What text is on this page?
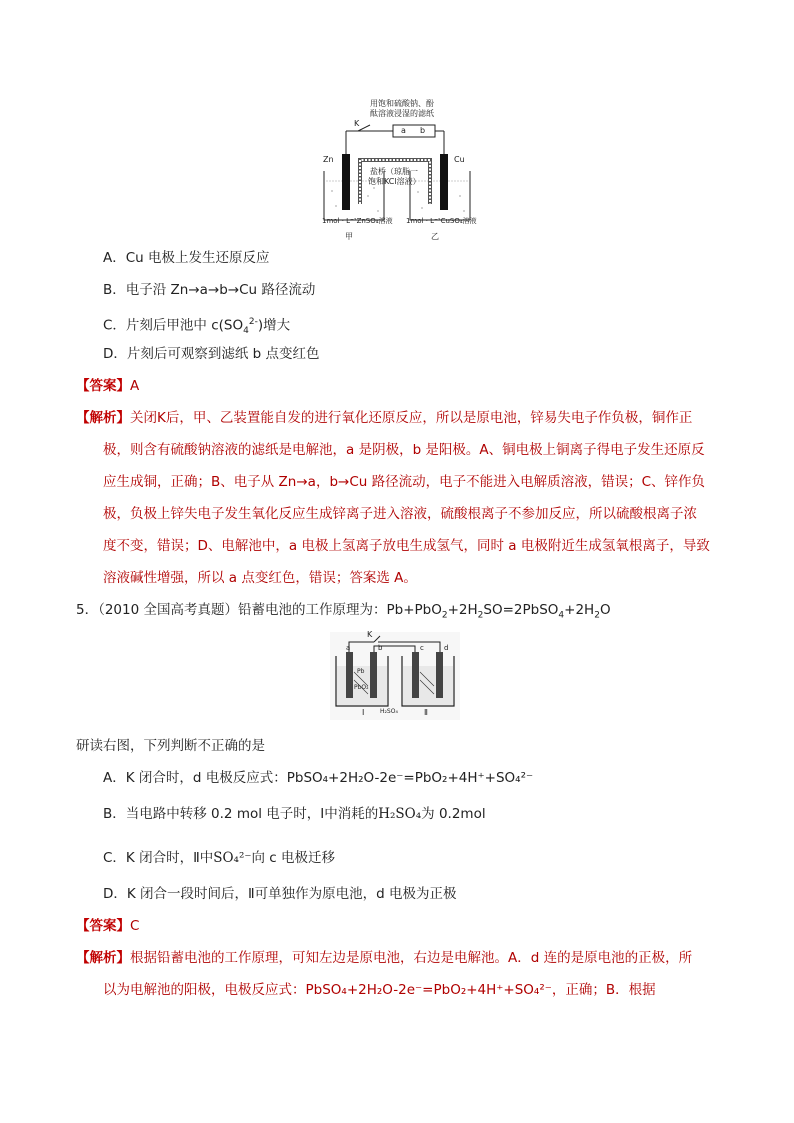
用饱和硫酸钠、酚
酞溶液浸湿的滤纸
K
a b
Zn	Cu
盐桥（琼脂一
饱和KCl溶液）
1mol · L⁻¹ZnSO₄溶液 1mol · L⁻¹CuSO₄溶液
甲	乙
A．Cu 电极上发生还原反应
B．电子沿 Zn→a→b→Cu 路径流动
C．片刻后甲池中 $c(SO_4^{2-})$增大
D．片刻后可观察到滤纸 b 点变红色
【答案】A
【解析】关闭K后，甲、乙装置能自发的进行氧化还原反应，所以是原电池，锌易失电子作负极，铜作正
极，则含有硫酸钠溶液的滤纸是电解池，a 是阴极，b 是阳极。A、铜电极上铜离子得电子发生还原反
应生成铜，正确；B、电子从 Zn→a，b→Cu 路径流动，电子不能进入电解质溶液，错误；C、锌作负
极，负极上锌失电子发生氧化反应生成锌离子进入溶液，硫酸根离子不参加反应，所以硫酸根离子浓
度不变，错误；D、电解池中，a 电极上氢离子放电生成氢气，同时 a 电极附近生成氢氧根离子，导致
溶液碱性增强，所以 a 点变红色，错误；答案选 A。
5．（2010 全国高考真题）铅蓄电池的工作原理为：$Pb+PbO_2+2H_2SO=2PbSO_4+2H_2O$
K
a	b	c	d
Pb
PbO₂
H₂SO₄
Ⅰ	Ⅱ
研读右图，下列判断不正确的是
A．K 闭合时，d 电极反应式：PbSO₄+2H₂O-2e⁻=PbO₂+4H⁺+SO₄²⁻
B．当电路中转移 0.2 mol 电子时，Ⅰ中消耗的H₂SO₄为 0.2mol
C．K 闭合时，Ⅱ中SO₄²⁻向 c 电极迁移
D．K 闭合一段时间后，Ⅱ可单独作为原电池，d 电极为正极
【答案】C
【解析】根据铅蓄电池的工作原理，可知左边是原电池，右边是电解池。A．d 连的是原电池的正极，所
以为电解池的阳极，电极反应式：PbSO₄+2H₂O-2e⁻=PbO₂+4H⁺+SO₄²⁻，正确；B．根据
